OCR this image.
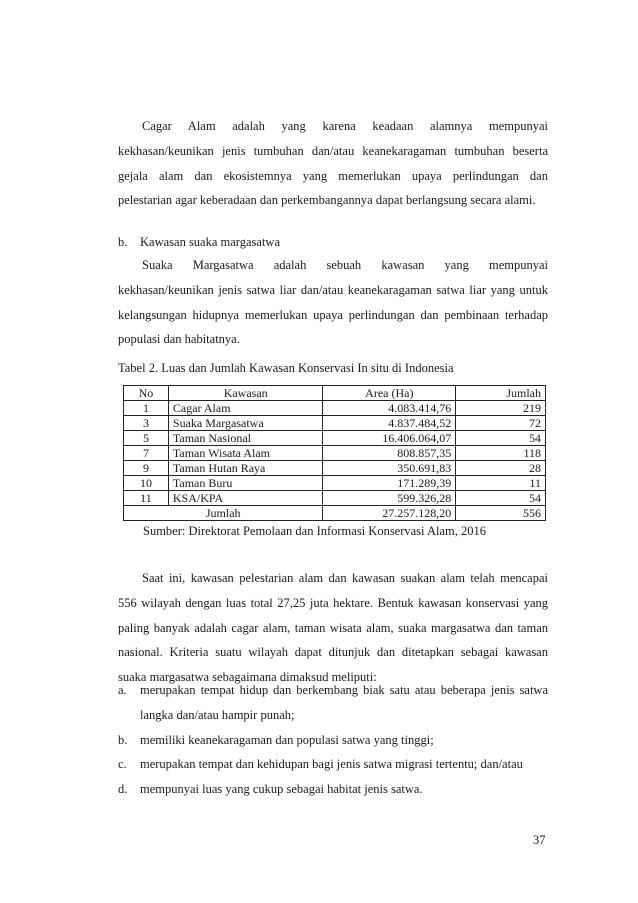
Cagar Alam adalah yang karena keadaan alamnya mempunyai
kekhasan/keunikan jenis tumbuhan dan/atau keanekaragaman tumbuhan beserta
gejala alam dan ekosistemnya yang memerlukan upaya perlindungan dan
pelestarian agar keberadaan dan perkembangannya dapat berlangsung secara alami.
b. Kawasan suaka margasatwa
Suaka Margasatwa adalah sebuah kawasan yang mempunyai
kekhasan/keunikan jenis satwa liar dan/atau keanekaragaman satwa liar yang untuk
kelangsungan hidupnya memerlukan upaya perlindungan dan pembinaan terhadap
populasi dan habitatnya.
Tabel 2. Luas dan Jumlah Kawasan Konservasi In situ di Indonesia
No	Kawasan	Area (Ha)	Jumlah
1	Cagar Alam	4.083.414,76	219
3	Suaka Margasatwa	4.837.484,52	72
5	Taman Nasional	16.406.064,07	54
7	Taman Wisata Alam	808.857,35	118
9	Taman Hutan Raya	350.691,83	28
10	Taman Buru	171.289,39	11
11	KSA/KPA	599.326,28	54
Jumlah		27.257.128,20	556
Sumber: Direktorat Pemolaan dan Informasi Konservasi Alam, 2016
Saat ini, kawasan pelestarian alam dan kawasan suakan alam telah mencapai
556 wilayah dengan luas total 27,25 juta hektare. Bentuk kawasan konservasi yang
paling banyak adalah cagar alam, taman wisata alam, suaka margasatwa dan taman
nasional. Kriteria suatu wilayah dapat ditunjuk dan ditetapkan sebagai kawasan
suaka margasatwa sebagaimana dimaksud meliputi:
a. merupakan tempat hidup dan berkembang biak satu atau beberapa jenis satwa
langka dan/atau hampir punah;
b. memiliki keanekaragaman dan populasi satwa yang tinggi;
c. merupakan tempat dan kehidupan bagi jenis satwa migrasi tertentu; dan/atau
d. mempunyai luas yang cukup sebagai habitat jenis satwa.
37
